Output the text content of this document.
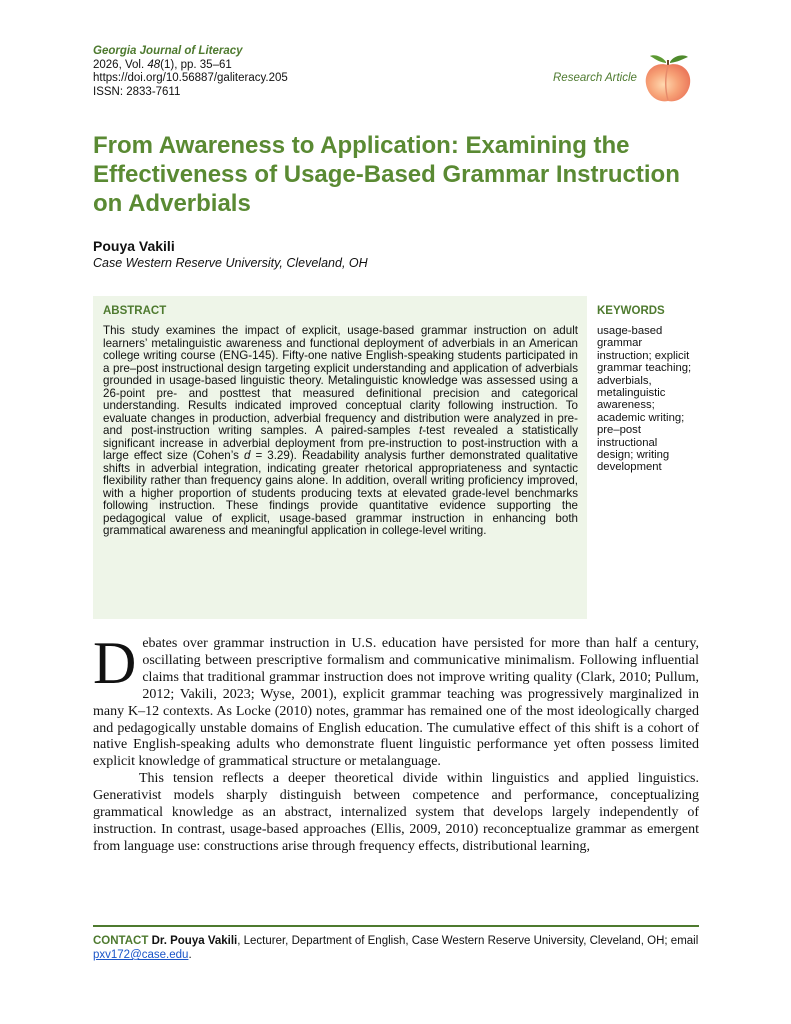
Georgia Journal of Literacy
2026, Vol. 48(1), pp. 35–61
https://doi.org/10.56887/galiteracy.205
ISSN: 2833-7611
Research Article
From Awareness to Application: Examining the Effectiveness of Usage-Based Grammar Instruction on Adverbials
Pouya Vakili
Case Western Reserve University, Cleveland, OH
ABSTRACT

This study examines the impact of explicit, usage-based grammar instruction on adult learners’ metalinguistic awareness and functional deployment of adverbials in an American college writing course (ENG-145). Fifty-one native English-speaking students participated in a pre–post instructional design targeting explicit understanding and application of adverbials grounded in usage-based linguistic theory. Metalinguistic knowledge was assessed using a 26-point pre- and posttest that measured definitional precision and categorical understanding. Results indicated improved conceptual clarity following instruction. To evaluate changes in production, adverbial frequency and distribution were analyzed in pre- and post-instruction writing samples. A paired-samples t-test revealed a statistically significant increase in adverbial deployment from pre-instruction to post-instruction with a large effect size (Cohen’s d = 3.29). Readability analysis further demonstrated qualitative shifts in adverbial integration, indicating greater rhetorical appropriateness and syntactic flexibility rather than frequency gains alone. In addition, overall writing proficiency improved, with a higher proportion of students producing texts at elevated grade-level benchmarks following instruction. These findings provide quantitative evidence supporting the pedagogical value of explicit, usage-based grammar instruction in enhancing both grammatical awareness and meaningful application in college-level writing.

KEYWORDS

usage-based grammar instruction; explicit grammar teaching; adverbials, metalinguistic awareness; academic writing; pre–post instructional design; writing development

Debates over grammar instruction in U.S. education have persisted for more than half a century, oscillating between prescriptive formalism and communicative minimalism. Following influential claims that traditional grammar instruction does not improve writing quality (Clark, 2010; Pullum, 2012; Vakili, 2023; Wyse, 2001), explicit grammar teaching was progressively marginalized in many K–12 contexts. As Locke (2010) notes, grammar has remained one of the most ideologically charged and pedagogically unstable domains of English education. The cumulative effect of this shift is a cohort of native English-speaking adults who demonstrate fluent linguistic performance yet often possess limited explicit knowledge of grammatical structure or metalanguage.

This tension reflects a deeper theoretical divide within linguistics and applied linguistics. Generativist models sharply distinguish between competence and performance, conceptualizing grammatical knowledge as an abstract, internalized system that develops largely independently of instruction. In contrast, usage-based approaches (Ellis, 2009, 2010) reconceptualize grammar as emergent from language use: constructions arise through frequency effects, distributional learning,

CONTACT Dr. Pouya Vakili, Lecturer, Department of English, Case Western Reserve University, Cleveland, OH; email pxv172@case.edu.
